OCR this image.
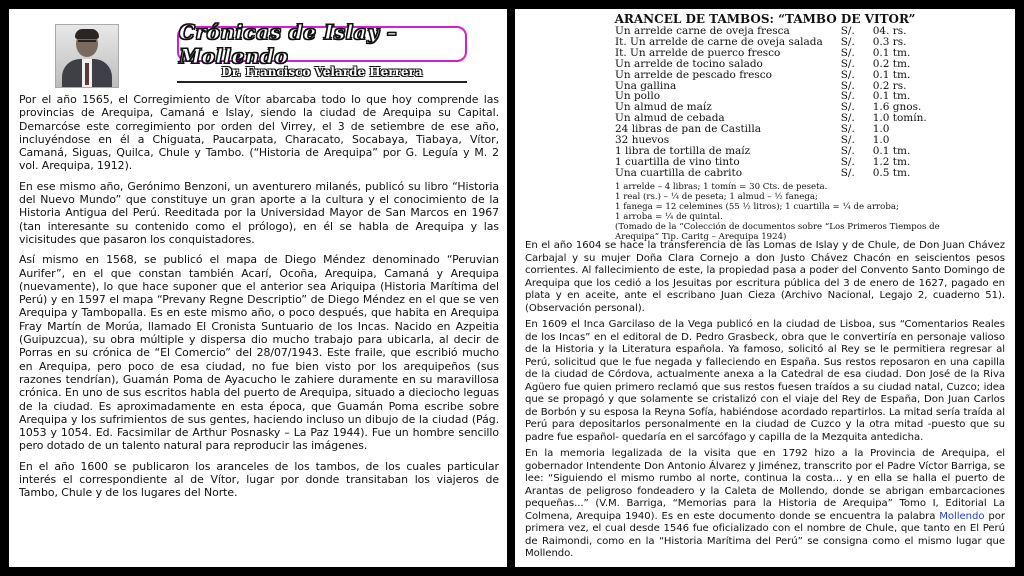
Crónicas de Islay – Mollendo
Dr. Francisco Velarde Herrera

Por el año 1565, el Corregimiento de Vítor abarcaba todo lo que hoy comprende las provincias de Arequipa, Camaná e Islay, siendo la ciudad de Arequipa su Capital. Demarcóse este corregimiento por orden del Virrey, el 3 de setiembre de ese año, incluyéndose en él a Chiguata, Paucarpata, Characato, Socabaya, Tiabaya, Vítor, Camaná, Siguas, Quilca, Chule y Tambo. (“Historia de Arequipa” por G. Leguía y M. 2 vol. Arequipa, 1912).

En ese mismo año, Gerónimo Benzoni, un aventurero milanés, publicó su libro “Historia del Nuevo Mundo” que constituye un gran aporte a la cultura y el conocimiento de la Historia Antigua del Perú. Reeditada por la Universidad Mayor de San Marcos en 1967 (tan interesante su contenido como el prólogo), en él se habla de Arequipa y las vicisitudes que pasaron los conquistadores.

Así mismo en 1568, se publicó el mapa de Diego Méndez denominado “Peruvian Aurifer”, en el que constan también Acarí, Ocoña, Arequipa, Camaná y Arequipa (nuevamente), lo que hace suponer que el anterior sea Ariquipa (Historia Marítima del Perú) y en 1597 el mapa “Prevany Regne Descriptio” de Diego Méndez en el que se ven Arequipa y Tambopalla. Es en este mismo año, o poco después, que habita en Arequipa Fray Martín de Morúa, llamado El Cronista Suntuario de los Incas. Nacido en Azpeitia (Guipuzcua), su obra múltiple y dispersa dio mucho trabajo para ubicarla, al decir de Porras en su crónica de “El Comercio” del 28/07/1943. Este fraile, que escribió mucho en Arequipa, pero poco de esa ciudad, no fue bien visto por los arequipeños (sus razones tendrían), Guamán Poma de Ayacucho le zahiere duramente en su maravillosa crónica. En uno de sus escritos habla del puerto de Arequipa, situado a dieciocho leguas de la ciudad. Es aproximadamente en esta época, que Guamán Poma escribe sobre Arequipa y los sufrimientos de sus gentes, haciendo incluso un dibujo de la ciudad (Pág. 1053 y 1054. Ed. Facsimilar de Arthur Posnasky – La Paz 1944). Fue un hombre sencillo pero dotado de un talento natural para reproducir las imágenes.

En el año 1600 se publicaron los aranceles de los tambos, de los cuales particular interés el correspondiente al de Vítor, lugar por donde transitaban los viajeros de Tambo, Chule y de los lugares del Norte.

ARANCEL DE TAMBOS: “TAMBO DE VITOR”
Un arrelde carne de oveja fresca	S/.	04. rs.
It. Un arrelde de carne de oveja salada	S/.	0.3 rs.
It. Un arrelde de puerco fresco	S/.	0.1 tm.
Un arrelde de tocino salado	S/.	0.2 tm.
Un arrelde de pescado fresco	S/.	0.1 tm.
Una gallina	S/.	0.2 rs.
Un pollo	S/.	0.1 tm.
Un almud de maíz	S/.	1.6 gnos.
Un almud de cebada	S/.	1.0 tomín.
24 libras de pan de Castilla	S/.	1.0
32 huevos	S/.	1.0
1 libra de tortilla de maíz	S/.	0.1 tm.
1 cuartilla de vino tinto	S/.	1.2 tm.
Una cuartilla de cabrito	S/.	0.5 tm.
1 arrelde – 4 libras; 1 tomín = 30 Cts. de peseta.
1 real (rs.) – ¼ de peseta; 1 almud – ½ fanega;
1 fanega = 12 celemines (55 ½ litros); 1 cuartilla = ¼ de arroba;
1 arroba = ¼ de quintal.
(Tomado de la “Colección de documentos sobre “Los Primeros Tiempos de
Arequipa” Tip. Caritg – Arequipa 1924)

En el año 1604 se hace la transferencia de las Lomas de Islay y de Chule, de Don Juan Chávez Carbajal y su mujer Doña Clara Cornejo a don Justo Chávez Chacón en seiscientos pesos corrientes. Al fallecimiento de este, la propiedad pasa a poder del Convento Santo Domingo de Arequipa que los cedió a los Jesuitas por escritura pública del 3 de enero de 1627, pagado en plata y en aceite, ante el escribano Juan Cieza (Archivo Nacional, Legajo 2, cuaderno 51). (Observación personal).

En 1609 el Inca Garcilaso de la Vega publicó en la ciudad de Lisboa, sus “Comentarios Reales de los Incas” en el editoral de D. Pedro Grasbeck, obra que le convertiría en personaje valioso de la Historia y la Literatura española. Ya famoso, solicitó al Rey se le permitiera regresar al Perú, solicitud que le fue negada y falleciendo en España. Sus restos reposaron en una capilla de la ciudad de Córdova, actualmente anexa a la Catedral de esa ciudad. Don José de la Riva Agüero fue quien primero reclamó que sus restos fuesen traídos a su ciudad natal, Cuzco; idea que se propagó y que solamente se cristalizó con el viaje del Rey de España, Don Juan Carlos de Borbón y su esposa la Reyna Sofía, habiéndose acordado repartirlos. La mitad sería traída al Perú para depositarlos personalmente en la ciudad de Cuzco y la otra mitad -puesto que su padre fue español- quedaría en el sarcófago y capilla de la Mezquita antedicha.

En la memoria legalizada de la visita que en 1792 hizo a la Provincia de Arequipa, el gobernador Intendente Don Antonio Álvarez y Jiménez, transcrito por el Padre Víctor Barriga, se lee: “Siguiendo el mismo rumbo al norte, continua la costa... y en ella se halla el puerto de Arantas de peligroso fondeadero y la Caleta de Mollendo, donde se abrigan embarcaciones pequeñas...” (V.M. Barriga, “Memorias para la Historia de Arequipa” Tomo I, Editorial La Colmena, Arequipa 1940). Es en este documento donde se encuentra la palabra Mollendo por primera vez, el cual desde 1546 fue oficializado con el nombre de Chule, que tanto en El Perú de Raimondi, como en la “Historia Marítima del Perú” se consigna como el mismo lugar que Mollendo.
